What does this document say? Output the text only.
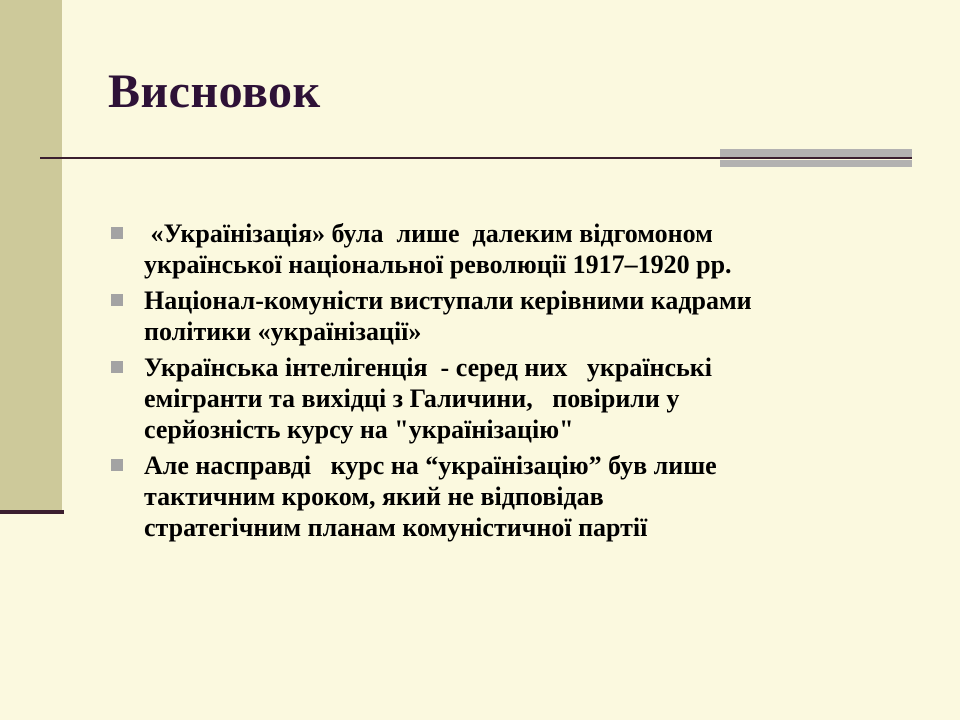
Висновок
«Українізація» була  лише  далеким відгомоном
української національної революції 1917–1920 рр.
Націонал-комуністи виступали керівними кадрами
політики «українізації»
Українська інтелігенція  - серед них   українські
емігранти та вихідці з Галичини,   повірили у
серйозність курсу на "українізацію"
Але насправді   курс на “українізацію” був лише
тактичним кроком, який не відповідав
стратегічним планам комуністичної партії
